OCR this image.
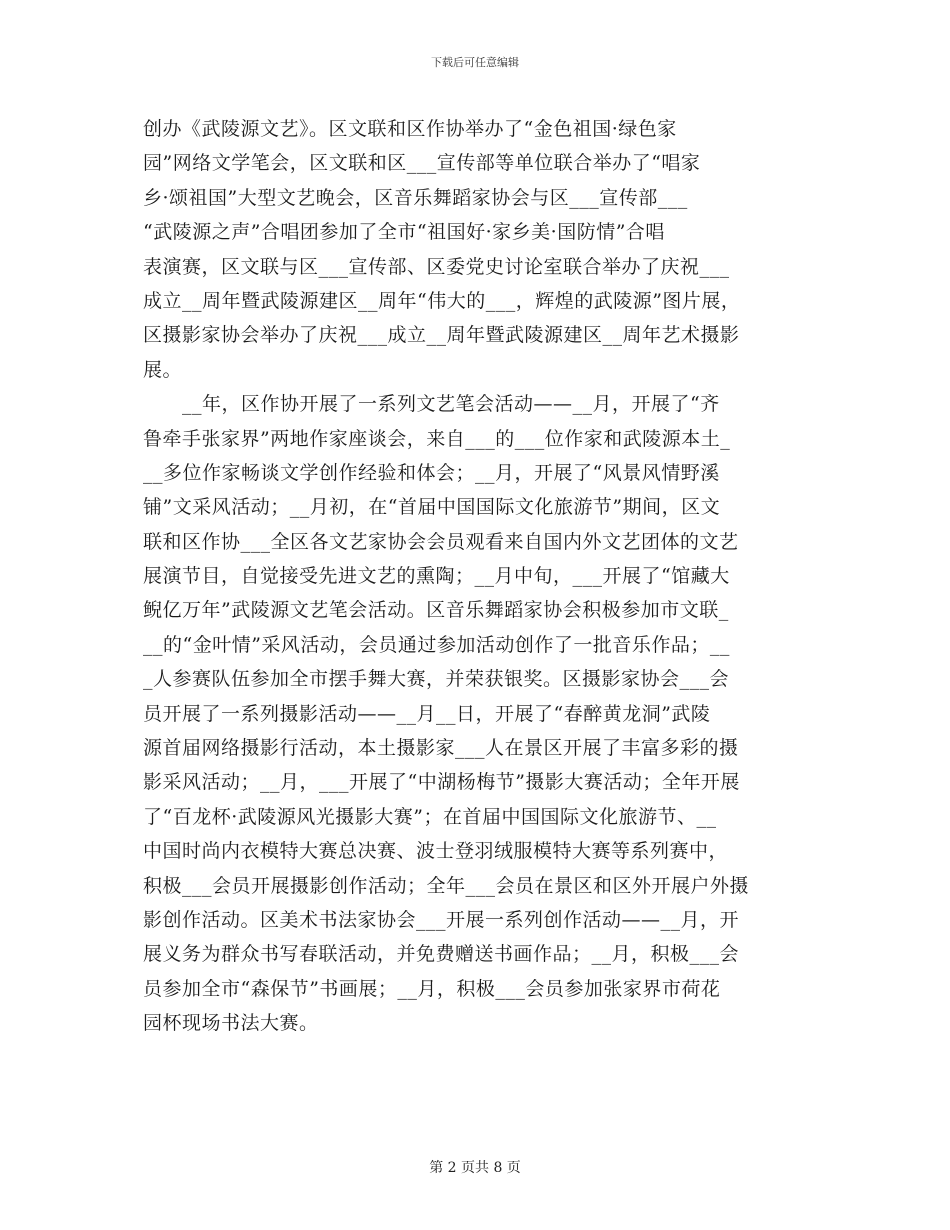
下载后可任意编辑
创办《武陵源文艺》。区文联和区作协举办了“金色祖国·绿色家
园”网络文学笔会，区文联和区___宣传部等单位联合举办了“唱家
乡·颂祖国”大型文艺晚会，区音乐舞蹈家协会与区___宣传部___
“武陵源之声”合唱团参加了全市“祖国好·家乡美·国防情”合唱
表演赛，区文联与区___宣传部、区委党史讨论室联合举办了庆祝___
成立__周年暨武陵源建区__周年“伟大的___，辉煌的武陵源”图片展，
区摄影家协会举办了庆祝___成立__周年暨武陵源建区__周年艺术摄影
展。
　　__年，区作协开展了一系列文艺笔会活动——__月，开展了“齐
鲁牵手张家界”两地作家座谈会，来自___的___位作家和武陵源本土_
__多位作家畅谈文学创作经验和体会；__月，开展了“风景风情野溪
铺”文采风活动；__月初，在“首届中国国际文化旅游节”期间，区文
联和区作协___全区各文艺家协会会员观看来自国内外文艺团体的文艺
展演节目，自觉接受先进文艺的熏陶；__月中旬，___开展了“馆藏大
鲵亿万年”武陵源文艺笔会活动。区音乐舞蹈家协会积极参加市文联_
__的“金叶情”采风活动，会员通过参加活动创作了一批音乐作品；__
_人参赛队伍参加全市摆手舞大赛，并荣获银奖。区摄影家协会___会
员开展了一系列摄影活动——__月__日，开展了“春醉黄龙洞”武陵
源首届网络摄影行活动，本土摄影家___人在景区开展了丰富多彩的摄
影采风活动；__月，___开展了“中湖杨梅节”摄影大赛活动；全年开展
了“百龙杯·武陵源风光摄影大赛”；在首届中国国际文化旅游节、__
中国时尚内衣模特大赛总决赛、波士登羽绒服模特大赛等系列赛中，
积极___会员开展摄影创作活动；全年___会员在景区和区外开展户外摄
影创作活动。区美术书法家协会___开展一系列创作活动——__月，开
展义务为群众书写春联活动，并免费赠送书画作品；__月，积极___会
员参加全市“森保节”书画展；__月，积极___会员参加张家界市荷花
园杯现场书法大赛。
第 2 页共 8 页
